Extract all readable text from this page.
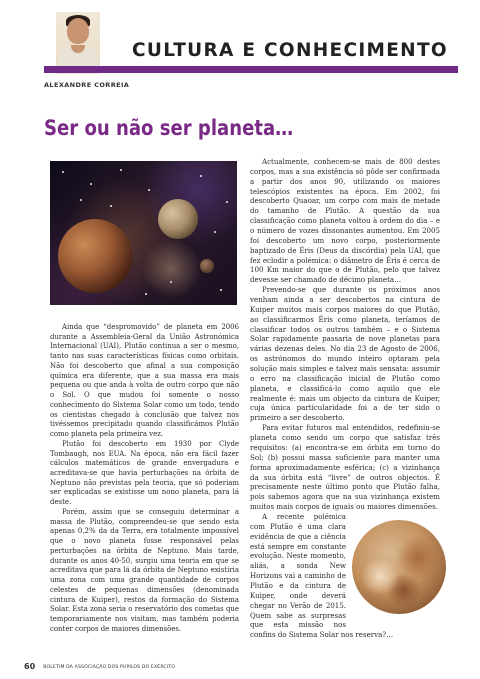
CULTURA E CONHECIMENTO
ALEXANDRE CORREIA
Ser ou não ser planeta…

Ainda que “despromovido” de planeta em 2006 durante a Assembleia-Geral da União Astronómica Internacional (UAI), Plutão continua a ser o mesmo, tanto nas suas características físicas como orbitais. Não foi descoberto que afinal a sua composição química era diferente, que a sua massa era mais pequena ou que anda à volta de outro corpo que não o Sol. O que mudou foi somente o nosso conhecimento do Sistema Solar como um todo, tendo os cientistas chegado à conclusão que talvez nos tivéssemos precipitado quando classificámos Plutão como planeta pela primeira vez.

Plutão foi descoberto em 1930 por Clyde Tombaugh, nos EUA. Na época, não era fácil fazer cálculos matemáticos de grande envergadura e acreditava-se que havia perturbações na órbita de Neptuno não previstas pela teoria, que só poderiam ser explicadas se existisse um nono planeta, para lá deste.

Porém, assim que se conseguiu determinar a massa de Plutão, compreendeu-se que sendo esta apenas 0,2% da da Terra, era totalmente impossível que o novo planeta fosse responsável pelas perturbações na órbita de Neptuno. Mais tarde, durante os anos 40-50, surgiu uma teoria em que se acreditava que para lá da órbita de Neptuno existiria uma zona com uma grande quantidade de corpos celestes de pequenas dimensões (denominada cintura de Kuiper), restos da formação do Sistema Solar. Esta zona seria o reservatório dos cometas que temporariamente nos visitam, mas também poderia conter corpos de maiores dimensões.

Actualmente, conhecem-se mais de 800 destes corpos, mas a sua existência só pôde ser confirmada a partir dos anos 90, utilizando os maiores telescópios existentes na época. Em 2002, foi descoberto Quaoar, um corpo com mais de metade do tamanho de Plutão. A questão da sua classificação como planeta voltou à ordem do dia – e o número de vozes dissonantes aumentou. Em 2005 foi descoberto um novo corpo, posteriormente baptizado de Éris (Deus da discórdia) pela UAI, que fez eclodir a polémica: o diâmetro de Éris é cerca de 100 Km maior do que o de Plutão, pelo que talvez devesse ser chamado de décimo planeta…

Prevendo-se que durante os próximos anos venham ainda a ser descobertos na cintura de Kuiper muitos mais corpos maiores do que Plutão, ao classificarmos Éris como planeta, teríamos de classificar todos os outros também – e o Sistema Solar rapidamente passaria de nove planetas para várias dezenas deles. No dia 23 de Agosto de 2006, os astrónomos do mundo inteiro optaram pela solução mais simples e talvez mais sensata: assumir o erro na classificação inicial de Plutão como planeta, e classificá-lo como aquilo que ele realmente é: mais um objecto da cintura de Kuiper, cuja única particularidade foi a de ter sido o primeiro a ser descoberto.

Para evitar futuros mal entendidos, redefiniu-se planeta como sendo um corpo que satisfaz três requisitos: (a) encontra-se em órbita em torno do Sol; (b) possui massa suficiente para manter uma forma aproximadamente esférica; (c) a vizinhança da sua órbita está “livre” de outros objectos. É precisamente neste último ponto que Plutão falha, pois sabemos agora que na sua vizinhança existem muitos mais corpos de iguais ou maiores dimensões.

A recente polémica com Plutão é uma clara evidência de que a ciência está sempre em constante evolução. Neste momento, aliás, a sonda New Horizons vai a caminho de Plutão e da cintura de Kuiper, onde deverá chegar no Verão de 2015. Quem sabe as surpresas que esta missão nos confins do Sistema Solar nos reserva?…

60 BOLETIM DA ASSOCIAÇÃO DOS PUPILOS DO EXÉRCITO
